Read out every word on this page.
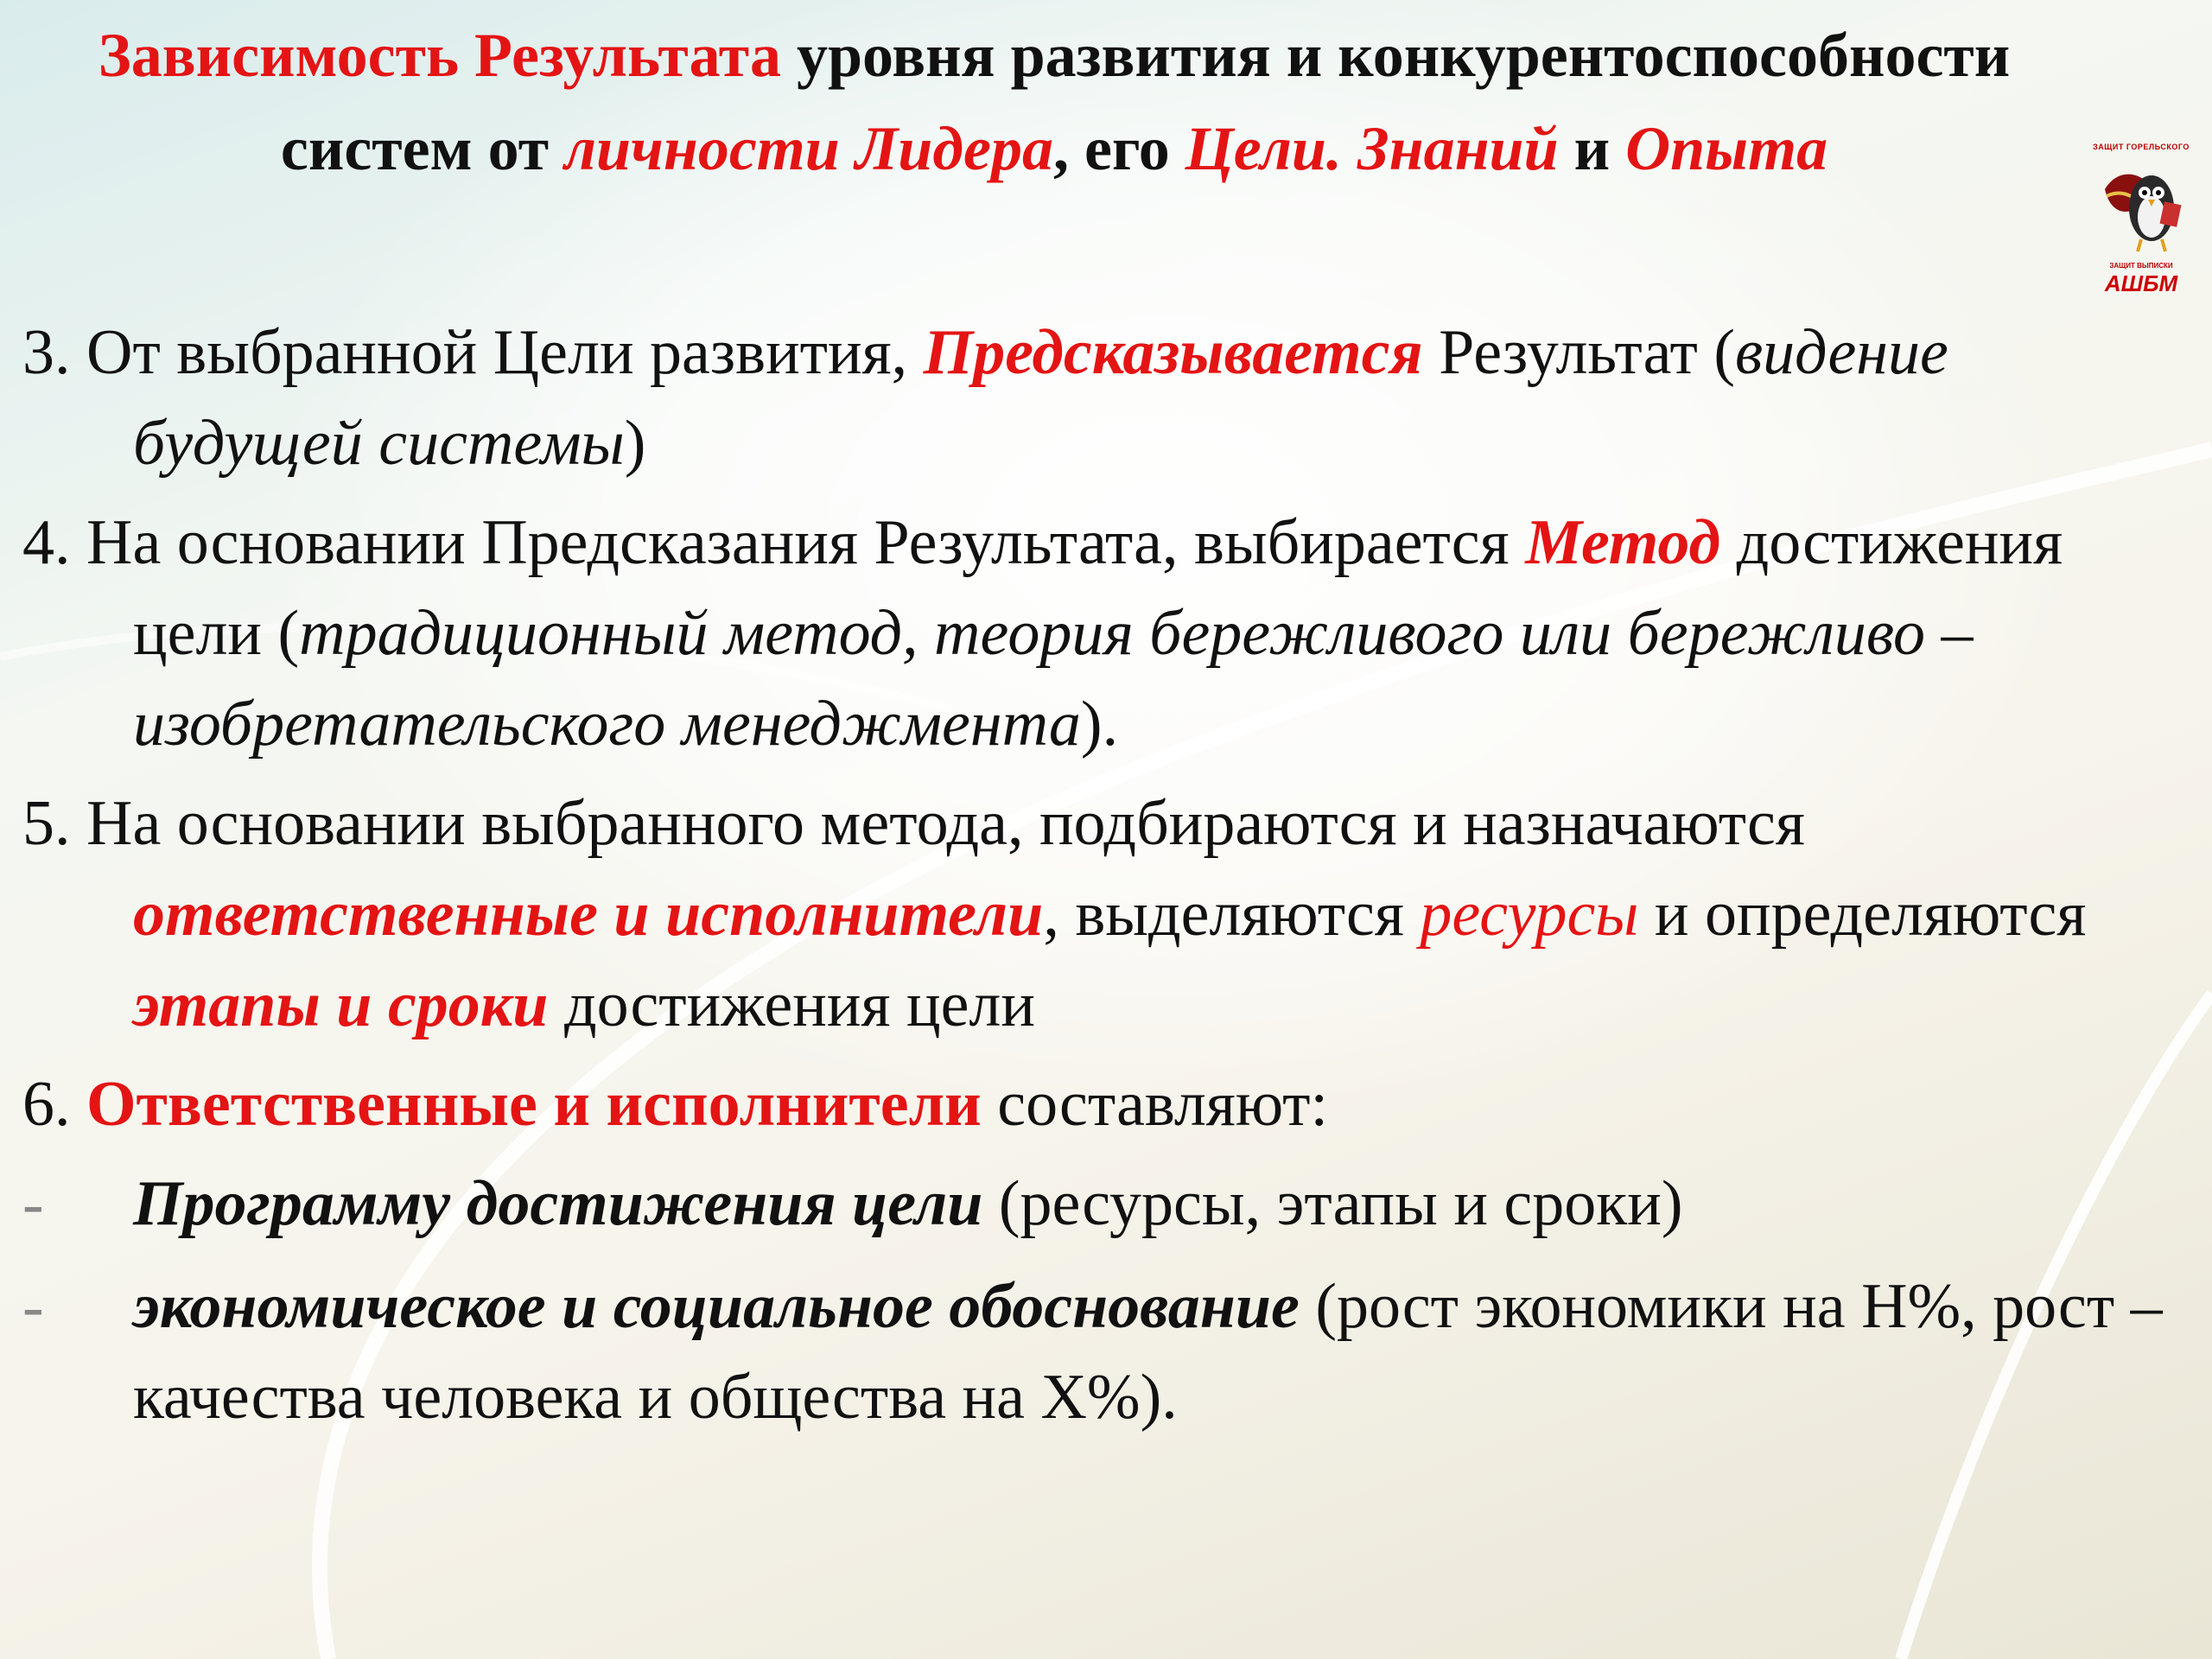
Зависимость Результата уровня развития и конкурентоспособности систем от личности Лидера, его Цели. Знаний и Опыта	ЗАЩИТ ГОРЕЛЬСКОГО
ЗАЩИТ ВЫПИСКИ
АШБМ

3. От выбранной Цели развития, Предсказывается Результат (видение будущей системы)

4. На основании Предсказания Результата, выбирается Метод достижения цели (традиционный метод, теория бережливого или бережливо – изобретательского менеджмента).

5. На основании выбранного метода, подбираются и назначаются ответственные и исполнители, выделяются ресурсы и определяются этапы и сроки достижения цели

6. Ответственные и исполнители составляют:

- Программу достижения цели (ресурсы, этапы и сроки)

- экономическое и социальное обоснование (рост экономики на Н%, рост – качества человека и общества на Х%).
